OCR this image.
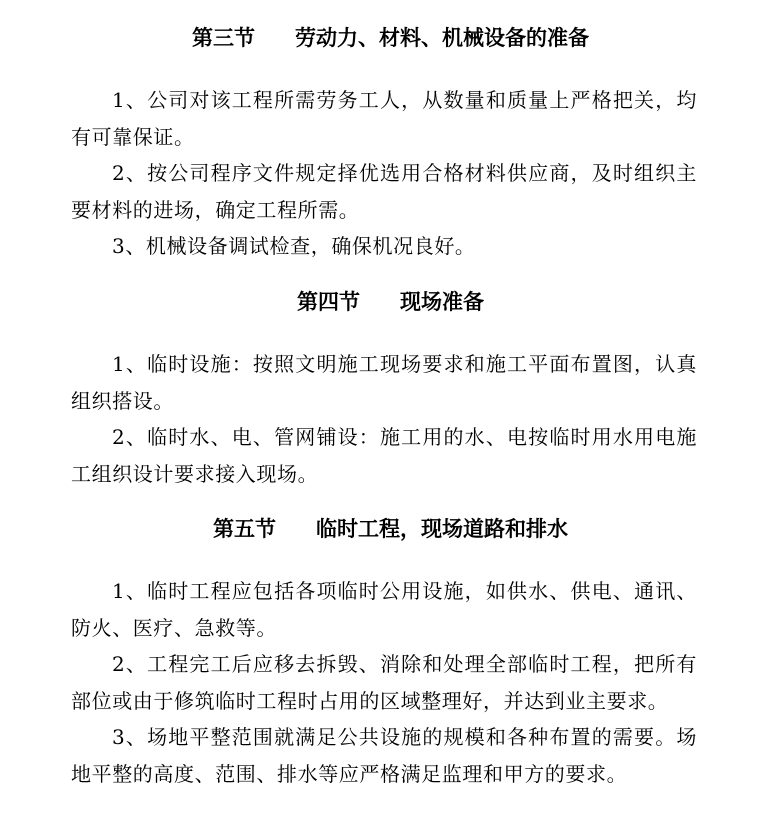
第三节 劳动力、材料、机械设备的准备
1、公司对该工程所需劳务工人，从数量和质量上严格把关，均有可靠保证。
2、按公司程序文件规定择优选用合格材料供应商，及时组织主要材料的进场，确定工程所需。
3、机械设备调试检查，确保机况良好。
第四节 现场准备
1、临时设施：按照文明施工现场要求和施工平面布置图，认真组织搭设。
2、临时水、电、管网铺设：施工用的水、电按临时用水用电施工组织设计要求接入现场。
第五节 临时工程，现场道路和排水
1、临时工程应包括各项临时公用设施，如供水、供电、通讯、防火、医疗、急救等。
2、工程完工后应移去拆毁、消除和处理全部临时工程，把所有部位或由于修筑临时工程时占用的区域整理好，并达到业主要求。
3、场地平整范围就满足公共设施的规模和各种布置的需要。场地平整的高度、范围、排水等应严格满足监理和甲方的要求。
